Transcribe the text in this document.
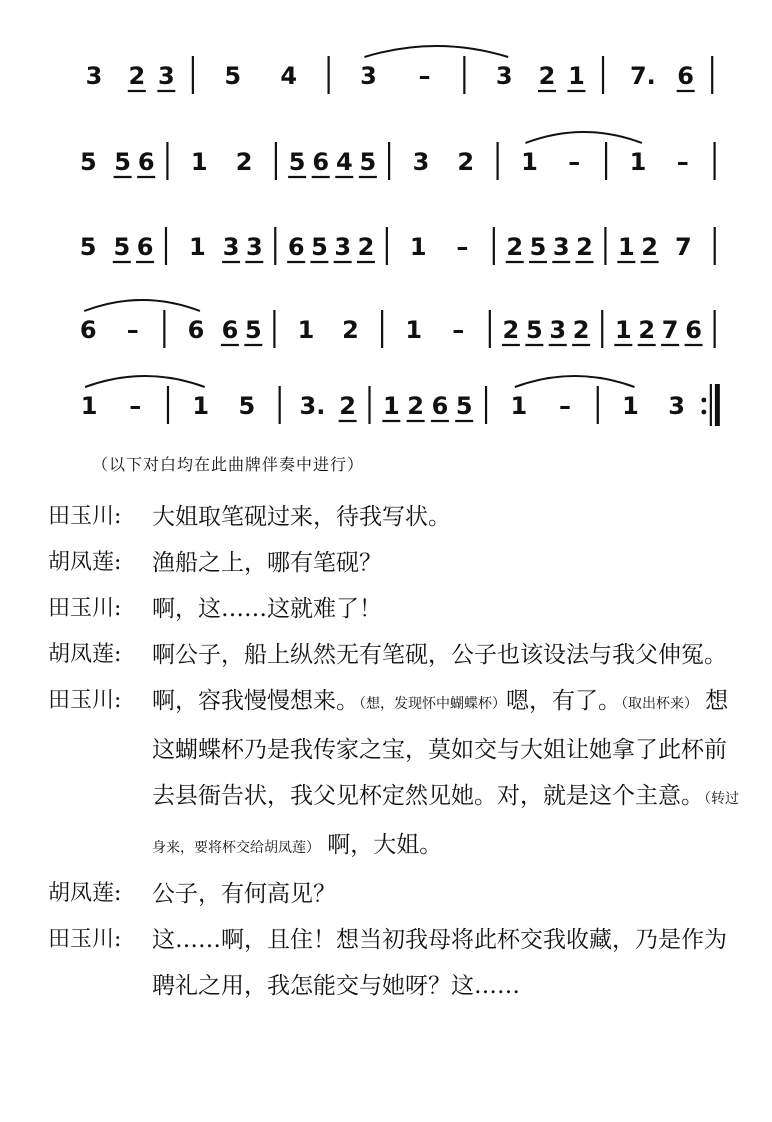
3 2 3 5 4	3 –	3 2 1 7. 6
5 5 6 1 2 5 6 4 5 3 2 1 – 1 –
5 5 6 1 3 3 6 5 3 2 1 – 2 5 3 2 1 2 7
6 – 6 6 5 1 2 1 – 2 5 3 2 1 2 7 6
1 – 1 5 3. 2 1 2 6 5 1 – 1 3
（以下对白均在此曲牌伴奏中进行）
田玉川:	大姐取笔砚过来，待我写状。
胡凤莲:	渔船之上，哪有笔砚？
田玉川:	啊，这……这就难了！
胡凤莲:	啊公子，船上纵然无有笔砚，公子也该设法与我父伸冤。
田玉川:	啊，容我慢慢想来。（想，发现怀中蝴蝶杯）嗯，有了。（取出杯来） 想这蝴蝶杯乃是我传家之宝，莫如交与大姐让她拿了此杯前去县衙告状，我父见杯定然见她。对，就是这个主意。（转过身来，要将杯交给胡凤莲） 啊，大姐。
胡凤莲:	公子，有何高见？
田玉川:	这……啊，且住！想当初我母将此杯交我收藏，乃是作为聘礼之用，我怎能交与她呀？这……
